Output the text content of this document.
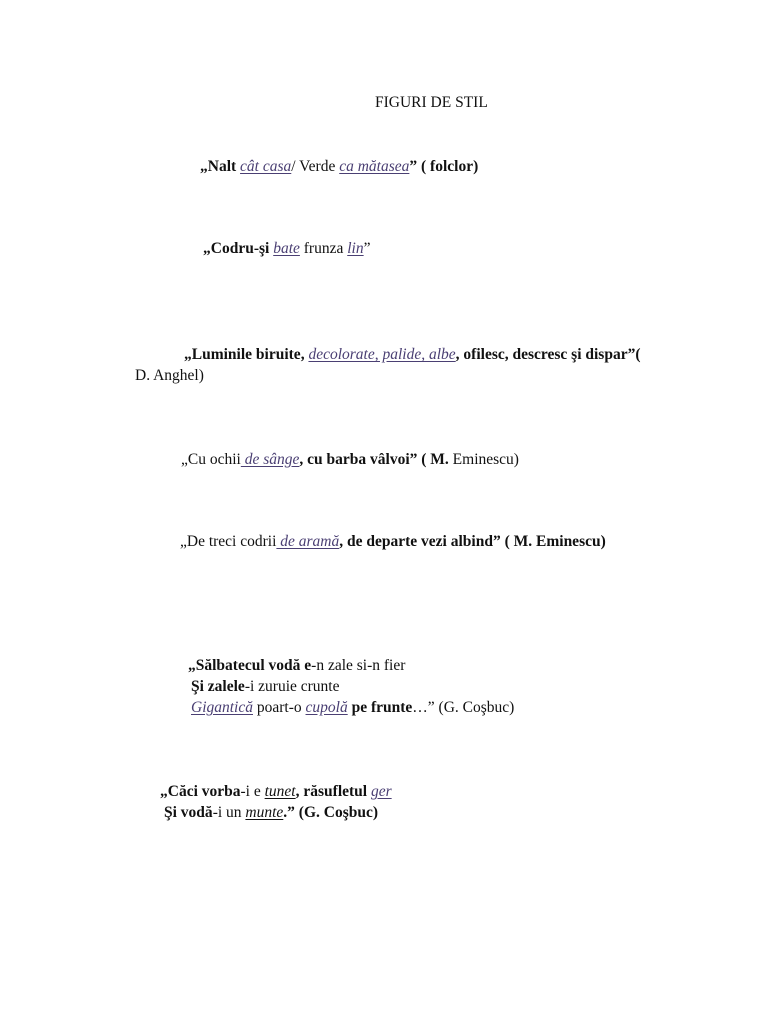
FIGURI DE STIL
„Nalt cât casa/ Verde ca mătasea” ( folclor)
„Codru-şi bate frunza lin”
„Luminile biruite, decolorate, palide, albe, ofilesc, descresc şi dispar”(
D. Anghel)
„Cu ochii de sânge, cu barba vâlvoi” ( M. Eminescu)
„De treci codrii de aramă, de departe vezi albind” ( M. Eminescu)
„Sălbatecul vodă e-n zale si-n fier
Şi zalele-i zuruie crunte
Gigantică poart-o cupolă pe frunte…” (G. Coşbuc)
„Căci vorba-i e tunet, răsufletul ger
Şi vodă-i un munte.” (G. Coşbuc)
